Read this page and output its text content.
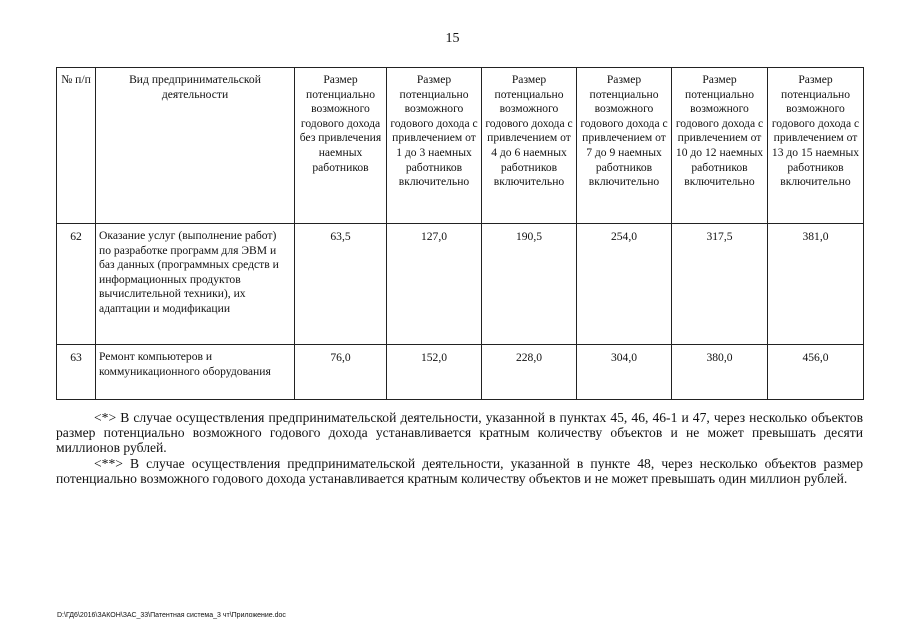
15
№ п/п	Вид предпринимательской деятельности	Размер потенциально возможного годового дохода без привлечения наемных работников	Размер потенциально возможного годового дохода с привлечением от 1 до 3 наемных работников включительно	Размер потенциально возможного годового дохода с привлечением от 4 до 6 наемных работников включительно	Размер потенциально возможного годового дохода с привлечением от 7 до 9 наемных работников включительно	Размер потенциально возможного годового дохода с привлечением от 10 до 12 наемных работников включительно	Размер потенциально возможного годового дохода с привлечением от 13 до 15 наемных работников включительно
62	Оказание услуг (выполнение работ) по разработке программ для ЭВМ и баз данных (программных средств и информационных продуктов вычислительной техники), их адаптации и модификации	63,5	127,0	190,5	254,0	317,5	381,0
63	Ремонт компьютеров и коммуникационного оборудования	76,0	152,0	228,0	304,0	380,0	456,0

<*> В случае осуществления предпринимательской деятельности, указанной в пунктах 45, 46, 46-1 и 47, через несколько объектов размер потенциально возможного годового дохода устанавливается кратным количеству объектов и не может превышать десяти миллионов рублей.

<**> В случае осуществления предпринимательской деятельности, указанной в пункте 48, через несколько объектов размер потенциально возможного годового дохода устанавливается кратным количеству объектов и не может превышать один миллион рублей.

D:\ГД6\2016\ЗАКОН\ЗАС_33\Патентная система_3 чт\Приложение.doc
